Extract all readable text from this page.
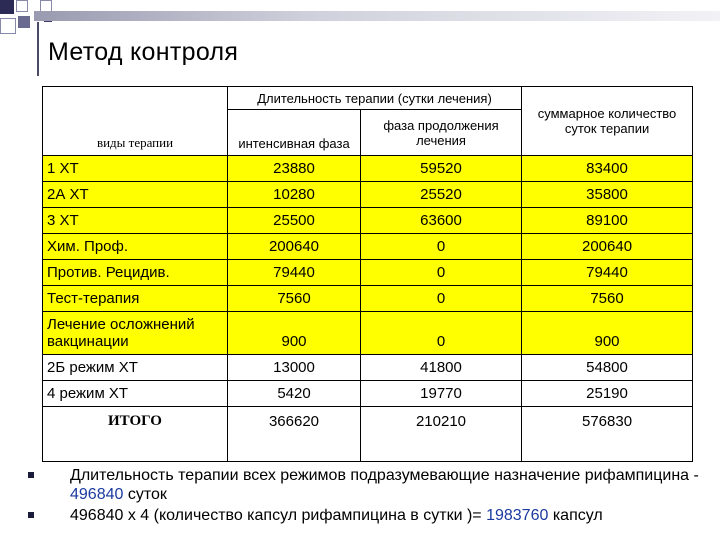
Метод контроля
виды терапии	Длительность терапии (сутки лечения)		суммарное количество суток терапии
	интенсивная фаза	фаза продолжения лечения	
1 ХТ	23880	59520	83400
2А ХТ	10280	25520	35800
3 ХТ	25500	63600	89100
Хим. Проф.	200640	0	200640
Против. Рецидив.	79440	0	79440
Тест-терапия	7560	0	7560
Лечение осложнений вакцинации	900	0	900
2Б режим ХТ	13000	41800	54800
4 режим ХТ	5420	19770	25190
ИТОГО	366620	210210	576830
Длительность терапии всех режимов подразумевающие назначение рифампицина - 496840 суток
496840 х 4 (количество капсул рифампицина в сутки )= 1983760 капсул
